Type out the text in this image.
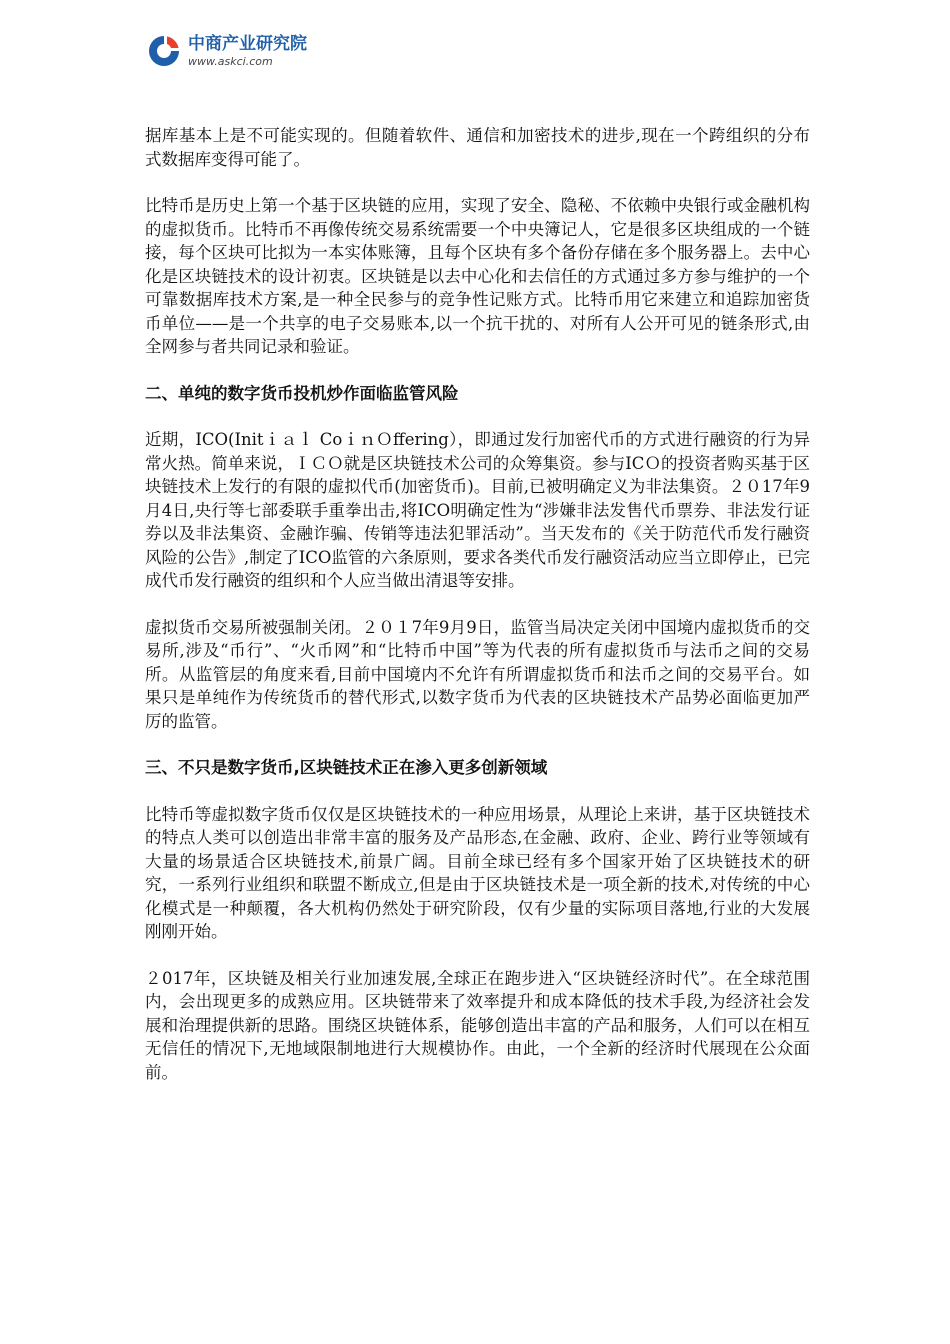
中商产业研究院
www.askci.com

据库基本上是不可能实现的。但随着软件、通信和加密技术的进步,现在一个跨组织的分布式数据库变得可能了。

比特币是历史上第一个基于区块链的应用，实现了安全、隐秘、不依赖中央银行或金融机构的虚拟货币。比特币不再像传统交易系统需要一个中央簿记人，它是很多区块组成的一个链接，每个区块可比拟为一本实体账簿，且每个区块有多个备份存储在多个服务器上。去中心化是区块链技术的设计初衷。区块链是以去中心化和去信任的方式通过多方参与维护的一个可靠数据库技术方案,是一种全民参与的竞争性记账方式。比特币用它来建立和追踪加密货币单位——是一个共享的电子交易账本,以一个抗干扰的、对所有人公开可见的链条形式,由全网参与者共同记录和验证。

二、单纯的数字货币投机炒作面临监管风险

近期，ICO(Initｉａｌ CoｉｎＯffering），即通过发行加密代币的方式进行融资的行为异常火热。简单来说，ＩＣＯ就是区块链技术公司的众筹集资。参与ICＯ的投资者购买基于区块链技术上发行的有限的虚拟代币(加密货币)。目前,已被明确定义为非法集资。２０17年9月4日,央行等七部委联手重拳出击,将ICO明确定性为“涉嫌非法发售代币票券、非法发行证券以及非法集资、金融诈骗、传销等违法犯罪活动”。当天发布的《关于防范代币发行融资风险的公告》,制定了ICO监管的六条原则，要求各类代币发行融资活动应当立即停止，已完成代币发行融资的组织和个人应当做出清退等安排。

虚拟货币交易所被强制关闭。２０１7年9月9日，监管当局决定关闭中国境内虚拟货币的交易所,涉及“币行”、“火币网”和“比特币中国”等为代表的所有虚拟货币与法币之间的交易所。从监管层的角度来看,目前中国境内不允许有所谓虚拟货币和法币之间的交易平台。如果只是单纯作为传统货币的替代形式,以数字货币为代表的区块链技术产品势必面临更加严厉的监管。

三、不只是数字货币,区块链技术正在渗入更多创新领域

比特币等虚拟数字货币仅仅是区块链技术的一种应用场景，从理论上来讲，基于区块链技术的特点人类可以创造出非常丰富的服务及产品形态,在金融、政府、企业、跨行业等领域有大量的场景适合区块链技术,前景广阔。目前全球已经有多个国家开始了区块链技术的研究，一系列行业组织和联盟不断成立,但是由于区块链技术是一项全新的技术,对传统的中心化模式是一种颠覆，各大机构仍然处于研究阶段，仅有少量的实际项目落地,行业的大发展刚刚开始。

２017年，区块链及相关行业加速发展,全球正在跑步进入“区块链经济时代”。在全球范围内，会出现更多的成熟应用。区块链带来了效率提升和成本降低的技术手段,为经济社会发展和治理提供新的思路。围绕区块链体系，能够创造出丰富的产品和服务，人们可以在相互无信任的情况下,无地域限制地进行大规模协作。由此，一个全新的经济时代展现在公众面前。
